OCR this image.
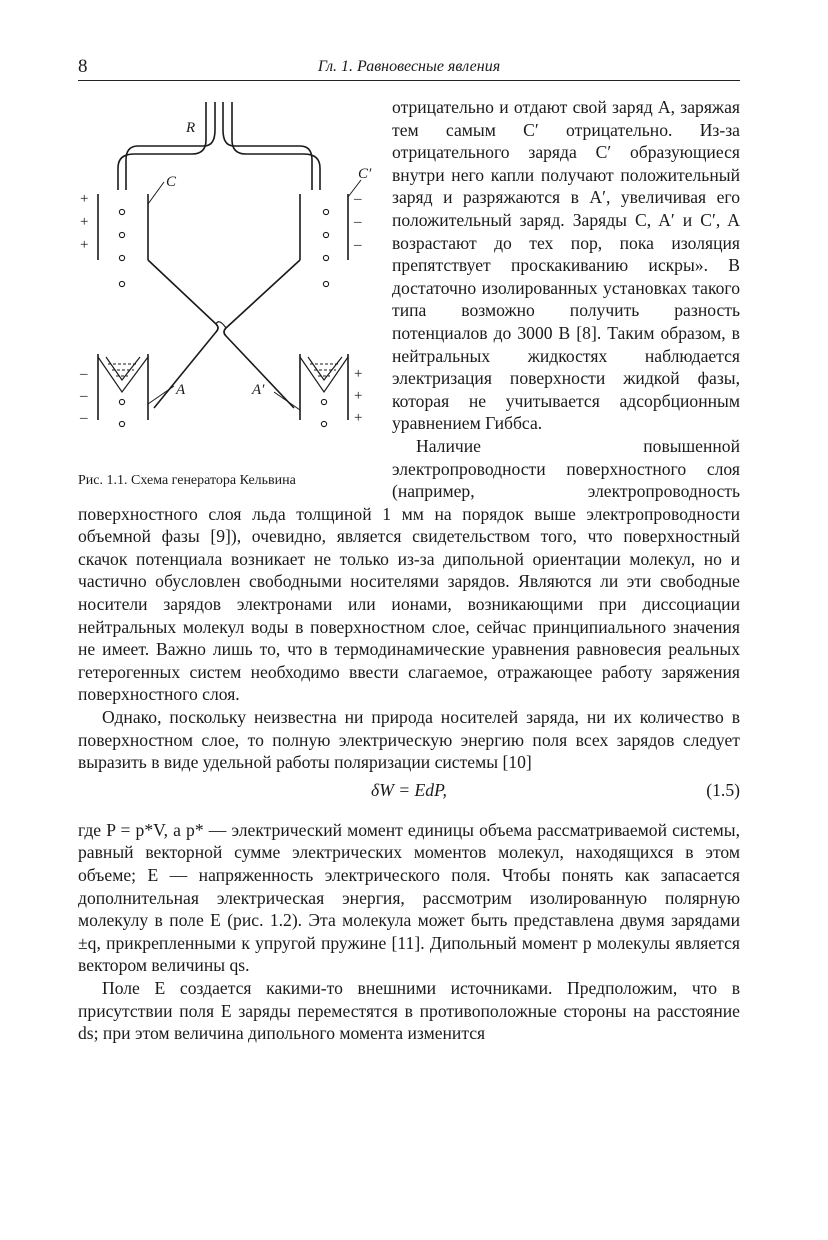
8	Гл. 1. Равновесные явления
R
C	C′
+
+
+
–
–
–
A	A′
–
–
–
+
+
+
Рис. 1.1. Схема генератора Кельвина

отрицательно и отдают свой заряд A, заряжая тем самым C′ отрицательно. Из-за отрицательного заряда C′ образующиеся внутри него капли получают положительный заряд и разряжаются в A′, увеличивая его положительный заряд. Заряды C, A′ и C′, A возрастают до тех пор, пока изоляция препятствует проскакиванию искры». В достаточно изолированных установках такого типа возможно получить разность потенциалов до 3000 В [8]. Таким образом, в нейтральных жидкостях наблюдается электризация поверхности жидкой фазы, которая не учитывается адсорбционным уравнением Гиббса.

Наличие повышенной электропроводности поверхностного слоя (например, электропроводность поверхностного слоя льда толщиной 1 мм на порядок выше электропроводности объемной фазы [9]), очевидно, является свидетельством того, что поверхностный скачок потенциала возникает не только из-за дипольной ориентации молекул, но и частично обусловлен свободными носителями зарядов. Являются ли эти свободные носители зарядов электронами или ионами, возникающими при диссоциации нейтральных молекул воды в поверхностном слое, сейчас принципиального значения не имеет. Важно лишь то, что в термодинамические уравнения равновесия реальных гетерогенных систем необходимо ввести слагаемое, отражающее работу заряжения поверхностного слоя.

Однако, поскольку неизвестна ни природа носителей заряда, ни их количество в поверхностном слое, то полную электрическую энергию поля всех зарядов следует выразить в виде удельной работы поляризации системы [10]

δW = EdP,	(1.5)

где P = p*V, а p* — электрический момент единицы объема рассматриваемой системы, равный векторной сумме электрических моментов молекул, находящихся в этом объеме; E — напряженность электрического поля. Чтобы понять как запасается дополнительная электрическая энергия, рассмотрим изолированную полярную молекулу в поле E (рис. 1.2). Эта молекула может быть представлена двумя зарядами ±q, прикрепленными к упругой пружине [11]. Дипольный момент p молекулы является вектором величины qs.

Поле E создается какими-то внешними источниками. Предположим, что в присутствии поля E заряды переместятся в противоположные стороны на расстояние ds; при этом величина дипольного момента изменится
